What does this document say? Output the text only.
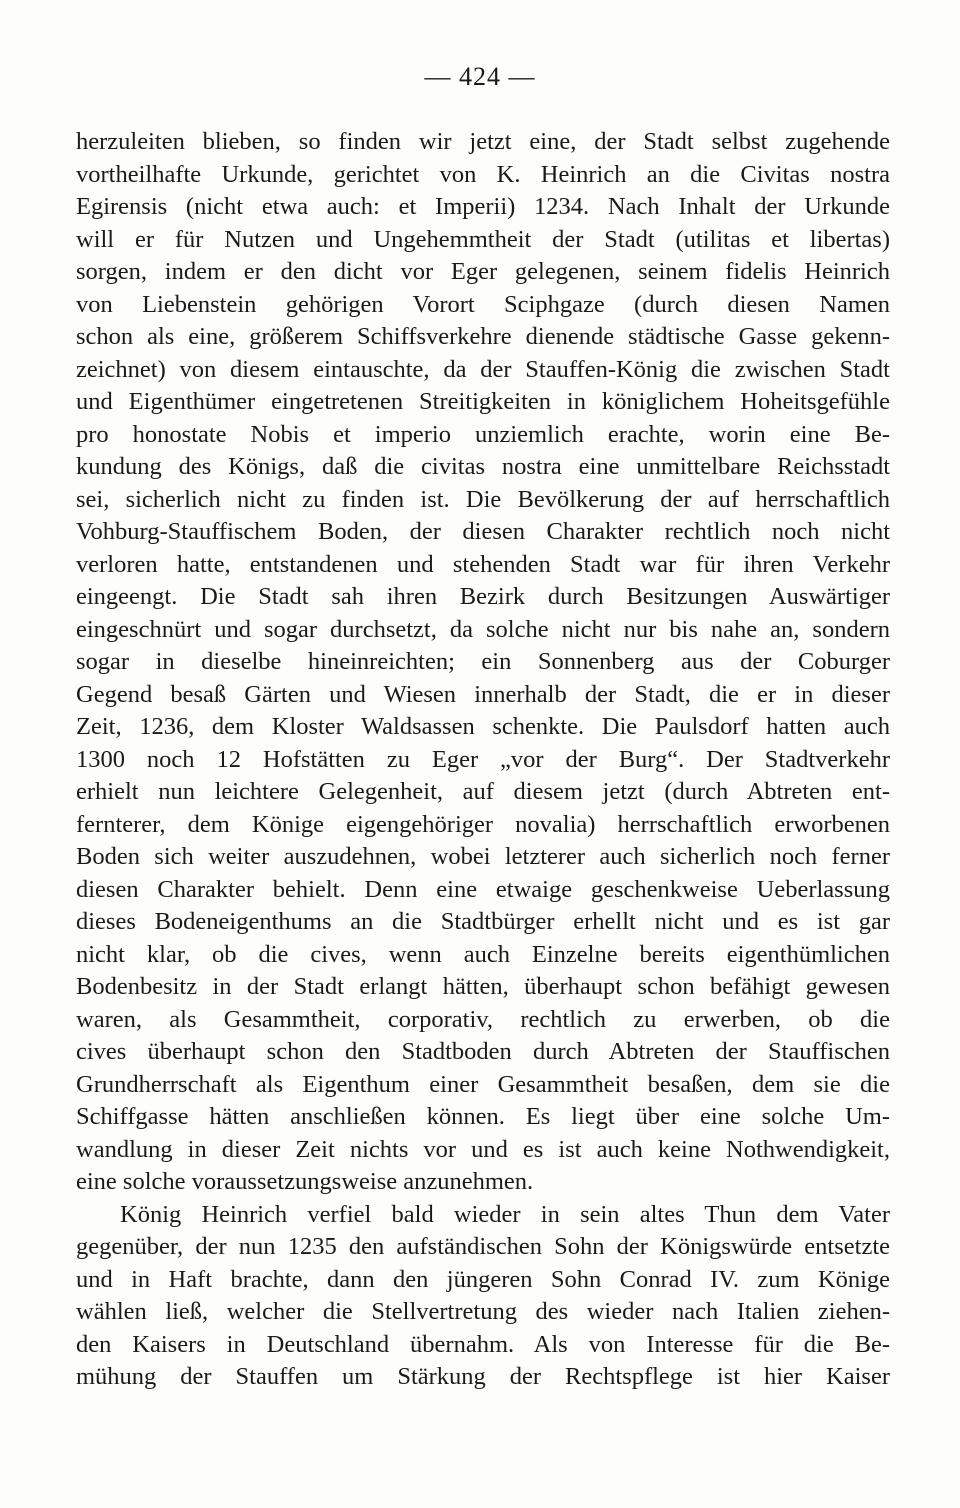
— 424 —
herzuleiten blieben, so finden wir jetzt eine, der Stadt selbst zugehende
vortheilhafte Urkunde, gerichtet von K. Heinrich an die Civitas nostra
Egirensis (nicht etwa auch: et Imperii) 1234. Nach Inhalt der Urkunde
will er für Nutzen und Ungehemmtheit der Stadt (utilitas et libertas)
sorgen, indem er den dicht vor Eger gelegenen, seinem fidelis Heinrich
von Liebenstein gehörigen Vorort Sciphgaze (durch diesen Namen
schon als eine, größerem Schiffsverkehre dienende städtische Gasse gekenn-
zeichnet) von diesem eintauschte, da der Stauffen-König die zwischen Stadt
und Eigenthümer eingetretenen Streitigkeiten in königlichem Hoheitsgefühle
pro honostate Nobis et imperio unziemlich erachte, worin eine Be-
kundung des Königs, daß die civitas nostra eine unmittelbare Reichsstadt
sei, sicherlich nicht zu finden ist. Die Bevölkerung der auf herrschaftlich
Vohburg-Stauffischem Boden, der diesen Charakter rechtlich noch nicht
verloren hatte, entstandenen und stehenden Stadt war für ihren Verkehr
eingeengt. Die Stadt sah ihren Bezirk durch Besitzungen Auswärtiger
eingeschnürt und sogar durchsetzt, da solche nicht nur bis nahe an, sondern
sogar in dieselbe hineinreichten; ein Sonnenberg aus der Coburger
Gegend besaß Gärten und Wiesen innerhalb der Stadt, die er in dieser
Zeit, 1236, dem Kloster Waldsassen schenkte. Die Paulsdorf hatten auch
1300 noch 12 Hofstätten zu Eger „vor der Burg“. Der Stadtverkehr
erhielt nun leichtere Gelegenheit, auf diesem jetzt (durch Abtreten ent-
fernterer, dem Könige eigengehöriger novalia) herrschaftlich erworbenen
Boden sich weiter auszudehnen, wobei letzterer auch sicherlich noch ferner
diesen Charakter behielt. Denn eine etwaige geschenkweise Ueberlassung
dieses Bodeneigenthums an die Stadtbürger erhellt nicht und es ist gar
nicht klar, ob die cives, wenn auch Einzelne bereits eigenthümlichen
Bodenbesitz in der Stadt erlangt hätten, überhaupt schon befähigt gewesen
waren, als Gesammtheit, corporativ, rechtlich zu erwerben, ob die
cives überhaupt schon den Stadtboden durch Abtreten der Stauffischen
Grundherrschaft als Eigenthum einer Gesammtheit besaßen, dem sie die
Schiffgasse hätten anschließen können. Es liegt über eine solche Um-
wandlung in dieser Zeit nichts vor und es ist auch keine Nothwendigkeit,
eine solche voraussetzungsweise anzunehmen.
König Heinrich verfiel bald wieder in sein altes Thun dem Vater
gegenüber, der nun 1235 den aufständischen Sohn der Königswürde entsetzte
und in Haft brachte, dann den jüngeren Sohn Conrad IV. zum Könige
wählen ließ, welcher die Stellvertretung des wieder nach Italien ziehen-
den Kaisers in Deutschland übernahm. Als von Interesse für die Be-
mühung der Stauffen um Stärkung der Rechtspflege ist hier Kaiser
